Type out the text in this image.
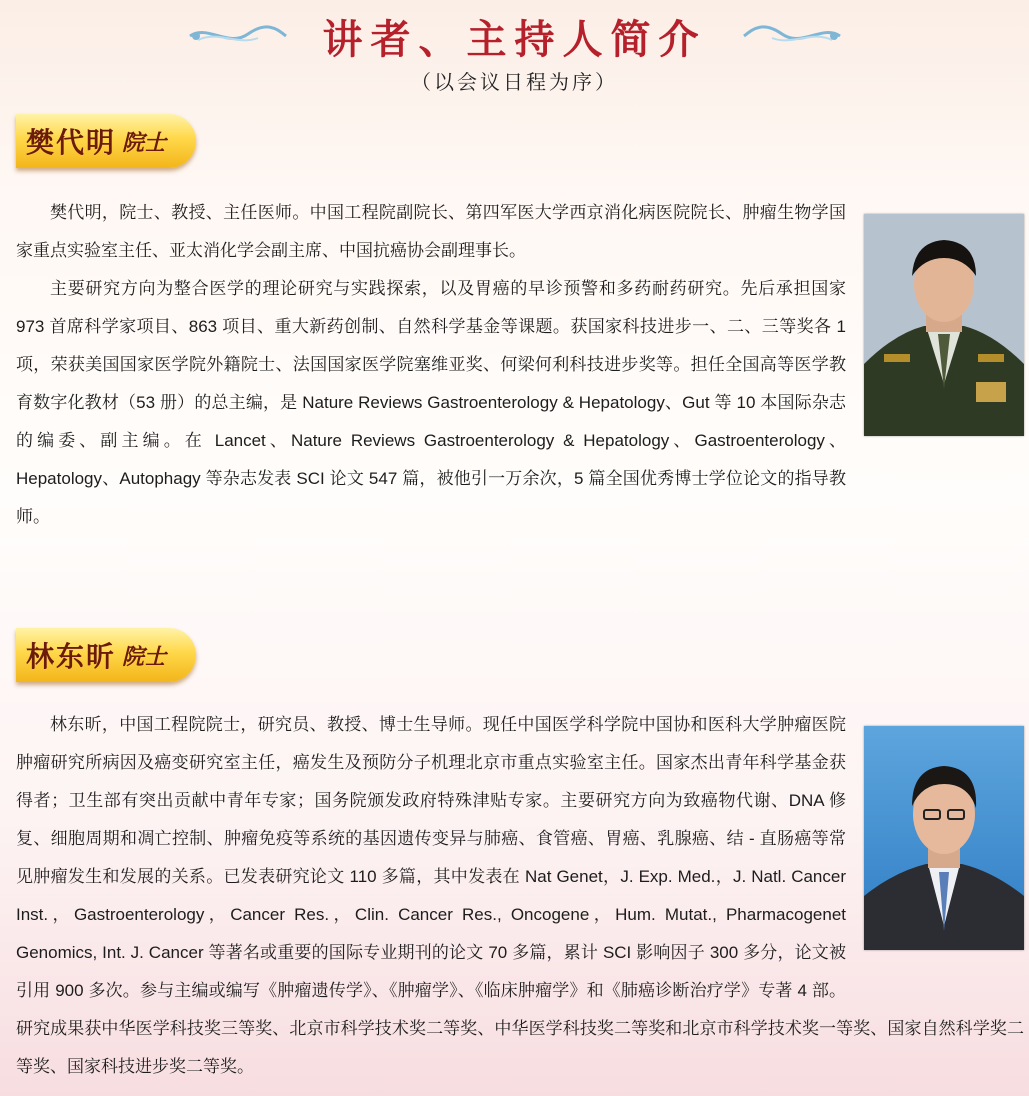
讲者、主持人简介
（以会议日程为序）
樊代明 院士

樊代明，院士、教授、主任医师。中国工程院副院长、第四军医大学西京消化病医院院长、肿瘤生物学国家重点实验室主任、亚太消化学会副主席、中国抗癌协会副理事长。

主要研究方向为整合医学的理论研究与实践探索，以及胃癌的早诊预警和多药耐药研究。先后承担国家 973 首席科学家项目、863 项目、重大新药创制、自然科学基金等课题。获国家科技进步一、二、三等奖各 1 项，荣获美国国家医学院外籍院士、法国国家医学院塞维亚奖、何梁何利科技进步奖等。担任全国高等医学教育数字化教材（53 册）的总主编，是 Nature Reviews Gastroenterology & Hepatology、Gut 等 10 本国际杂志的编委、副主编。在 Lancet、Nature Reviews Gastroenterology & Hepatology、Gastroenterology、Hepatology、Autophagy 等杂志发表 SCI 论文 547 篇，被他引一万余次，5 篇全国优秀博士学位论文的指导教师。

林东昕 院士

林东昕，中国工程院院士，研究员、教授、博士生导师。现任中国医学科学院中国协和医科大学肿瘤医院肿瘤研究所病因及癌变研究室主任，癌发生及预防分子机理北京市重点实验室主任。国家杰出青年科学基金获得者；卫生部有突出贡献中青年专家；国务院颁发政府特殊津贴专家。主要研究方向为致癌物代谢、DNA 修复、细胞周期和凋亡控制、肿瘤免疫等系统的基因遗传变异与肺癌、食管癌、胃癌、乳腺癌、结 - 直肠癌等常见肿瘤发生和发展的关系。已发表研究论文 110 多篇，其中发表在 Nat Genet，J. Exp. Med.，J. Natl. Cancer Inst.，Gastroenterology，Cancer Res.，Clin. Cancer Res., Oncogene，Hum. Mutat., Pharmacogenet Genomics, Int. J. Cancer 等著名或重要的国际专业期刊的论文 70 多篇，累计 SCI 影响因子 300 多分，论文被引用 900 多次。参与主编或编写《肿瘤遗传学》、《肿瘤学》、《临床肿瘤学》和《肺癌诊断治疗学》专著 4 部。研究成果获中华医学科技奖三等奖、北京市科学技术奖二等奖、中华医学科技奖二等奖和北京市科学技术奖一等奖、国家自然科学奖二等奖、国家科技进步奖二等奖。
